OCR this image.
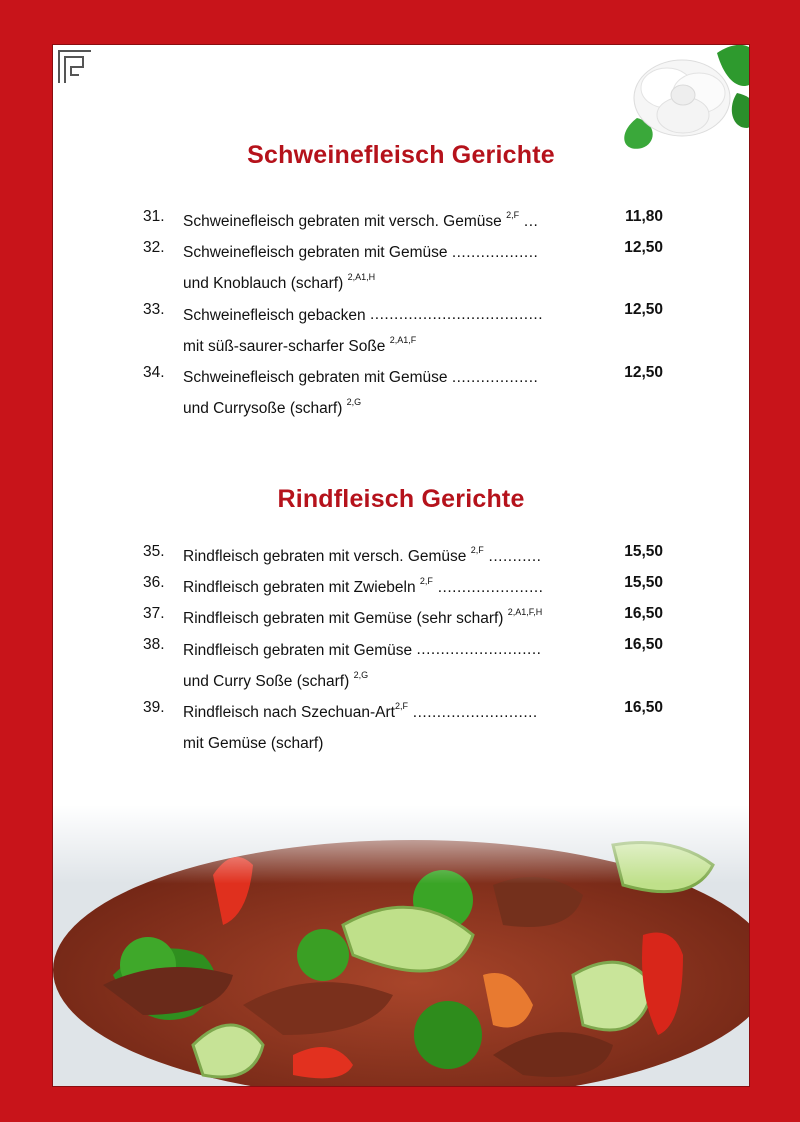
Schweinefleisch Gerichte
31.	Schweinefleisch gebraten mit versch. Gemüse $^{2,F}$ ...	11,80
32.	Schweinefleisch gebraten mit Gemüse ..................	12,50
und Knoblauch (scharf) $^{2,A1,H}$
33.	Schweinefleisch gebacken ....................................	12,50
mit süß-saurer-scharfer Soße $^{2,A1,F}$
34.	Schweinefleisch gebraten mit Gemüse ..................	12,50
und Currysoße (scharf) $^{2,G}$
Rindfleisch Gerichte
35.	Rindfleisch gebraten mit versch. Gemüse $^{2,F}$ ...........	15,50
36.	Rindfleisch gebraten mit Zwiebeln $^{2,F}$ ......................	15,50
37.	Rindfleisch gebraten mit Gemüse (sehr scharf) $^{2,A1,F,H}$	16,50
38.	Rindfleisch gebraten mit Gemüse ..........................	16,50
und Curry Soße (scharf) $^{2,G}$
39.	Rindfleisch nach Szechuan-Art$^{2,F}$ ..........................	16,50
mit Gemüse (scharf)
